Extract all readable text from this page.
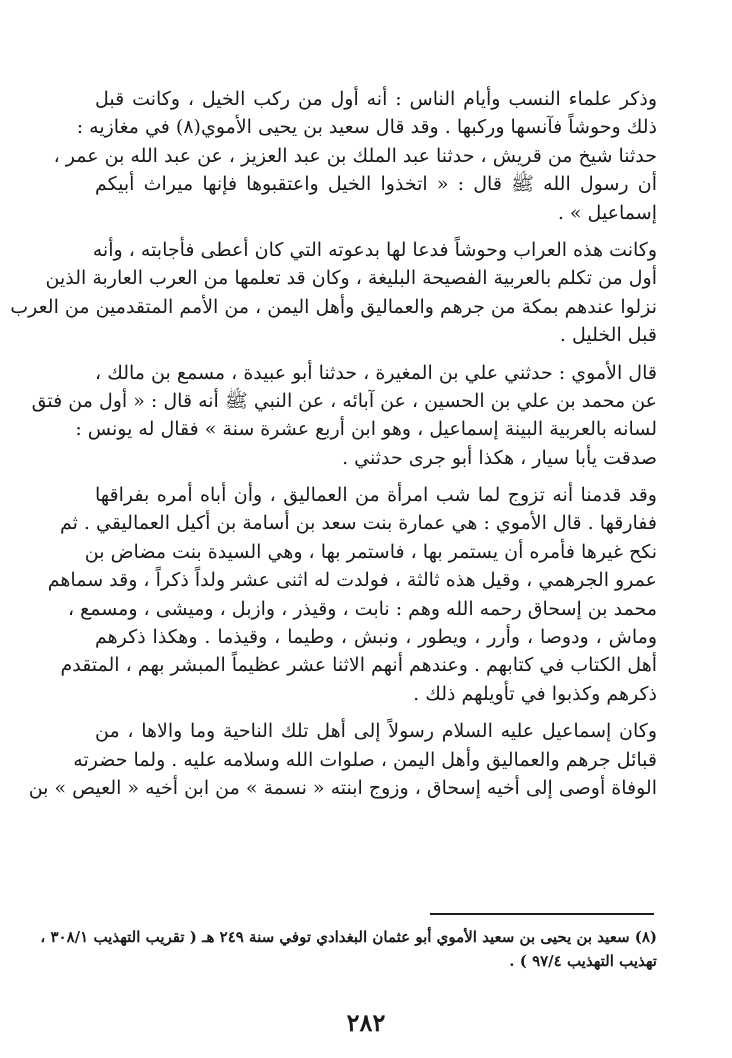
وذكر علماء النسب وأيام الناس : أنه أول من ركب الخيل ، وكانت قبل
ذلك وحوشاً فآنسها وركبها . وقد قال سعيد بن يحيى الأموي(٨) في مغازيه :
حدثنا شيخ من قريش ، حدثنا عبد الملك بن عبد العزيز ، عن عبد الله بن عمر ،
أن رسول الله ﷺ قال : « اتخذوا الخيل واعتقبوها فإنها ميراث أبيكم
إسماعيل » .
وكانت هذه العراب وحوشاً فدعا لها بدعوته التي كان أعطى فأجابته ، وأنه
أول من تكلم بالعربية الفصيحة البليغة ، وكان قد تعلمها من العرب العاربة الذين
نزلوا عندهم بمكة من جرهم والعماليق وأهل اليمن ، من الأمم المتقدمين من العرب
قبل الخليل .
قال الأموي : حدثني علي بن المغيرة ، حدثنا أبو عبيدة ، مسمع بن مالك ،
عن محمد بن علي بن الحسين ، عن آبائه ، عن النبي ﷺ أنه قال : « أول من فتق
لسانه بالعربية البينة إسماعيل ، وهو ابن أربع عشرة سنة » فقال له يونس :
صدقت يأبا سيار ، هكذا أبو جرى حدثني .
وقد قدمنا أنه تزوج لما شب امرأة من العماليق ، وأن أباه أمره بفراقها
ففارقها . قال الأموي : هي عمارة بنت سعد بن أسامة بن أكيل العماليقي . ثم
نكح غيرها فأمره أن يستمر بها ، فاستمر بها ، وهي السيدة بنت مضاض بن
عمرو الجرهمي ، وقيل هذه ثالثة ، فولدت له اثنى عشر ولداً ذكراً ، وقد سماهم
محمد بن إسحاق رحمه الله وهم : نابت ، وقيذر ، وازبل ، وميشى ، ومسمع ،
وماش ، ودوصا ، وأرر ، ويطور ، ونبش ، وطيما ، وقيذما . وهكذا ذكرهم
أهل الكتاب في كتابهم . وعندهم أنهم الاثنا عشر عظيماً المبشر بهم ، المتقدم
ذكرهم وكذبوا في تأويلهم ذلك .
وكان إسماعيل عليه السلام رسولاً إلى أهل تلك الناحية وما والاها ، من
قبائل جرهم والعماليق وأهل اليمن ، صلوات الله وسلامه عليه . ولما حضرته
الوفاة أوصى إلى أخيه إسحاق ، وزوج ابنته « نسمة » من ابن أخيه « العيص » بن
(٨) سعيد بن يحيى بن سعيد الأموي أبو عثمان البغدادي توفي سنة ٢٤٩ هـ ( تقريب التهذيب ٣٠٨/١ ،
تهذيب التهذيب ٩٧/٤ ) .
٢٨٢
